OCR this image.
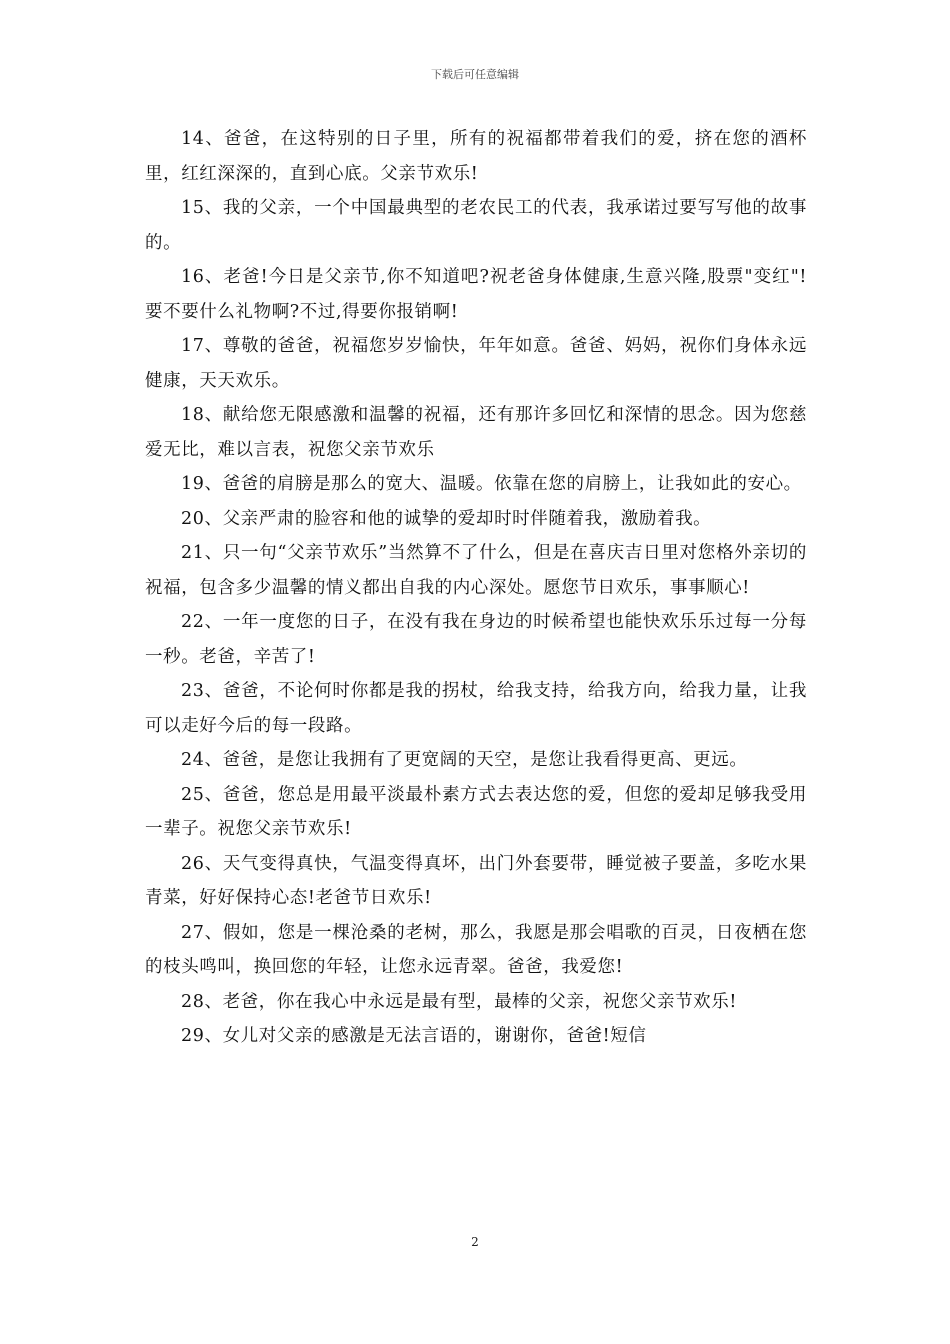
下载后可任意编辑

14、爸爸，在这特别的日子里，所有的祝福都带着我们的爱，挤在您的酒杯里，红红深深的，直到心底。父亲节欢乐!

15、我的父亲，一个中国最典型的老农民工的代表，我承诺过要写写他的故事的。

16、老爸!今日是父亲节,你不知道吧?祝老爸身体健康,生意兴隆,股票"变红"!要不要什么礼物啊?不过,得要你报销啊!

17、尊敬的爸爸，祝福您岁岁愉快，年年如意。爸爸、妈妈，祝你们身体永远健康，天天欢乐。

18、献给您无限感激和温馨的祝福，还有那许多回忆和深情的思念。因为您慈爱无比，难以言表，祝您父亲节欢乐

19、爸爸的肩膀是那么的宽大、温暖。依靠在您的肩膀上，让我如此的安心。

20、父亲严肃的脸容和他的诚挚的爱却时时伴随着我，激励着我。

21、只一句“父亲节欢乐”当然算不了什么，但是在喜庆吉日里对您格外亲切的祝福，包含多少温馨的情义都出自我的内心深处。愿您节日欢乐，事事顺心!

22、一年一度您的日子，在没有我在身边的时候希望也能快欢乐乐过每一分每一秒。老爸，辛苦了!

23、爸爸，不论何时你都是我的拐杖，给我支持，给我方向，给我力量，让我可以走好今后的每一段路。

24、爸爸，是您让我拥有了更宽阔的天空，是您让我看得更高、更远。

25、爸爸，您总是用最平淡最朴素方式去表达您的爱，但您的爱却足够我受用一辈子。祝您父亲节欢乐!

26、天气变得真快，气温变得真坏，出门外套要带，睡觉被子要盖，多吃水果青菜，好好保持心态!老爸节日欢乐!

27、假如，您是一棵沧桑的老树，那么，我愿是那会唱歌的百灵，日夜栖在您的枝头鸣叫，换回您的年轻，让您永远青翠。爸爸，我爱您!

28、老爸，你在我心中永远是最有型，最棒的父亲，祝您父亲节欢乐!

29、女儿对父亲的感激是无法言语的，谢谢你，爸爸!短信

2
